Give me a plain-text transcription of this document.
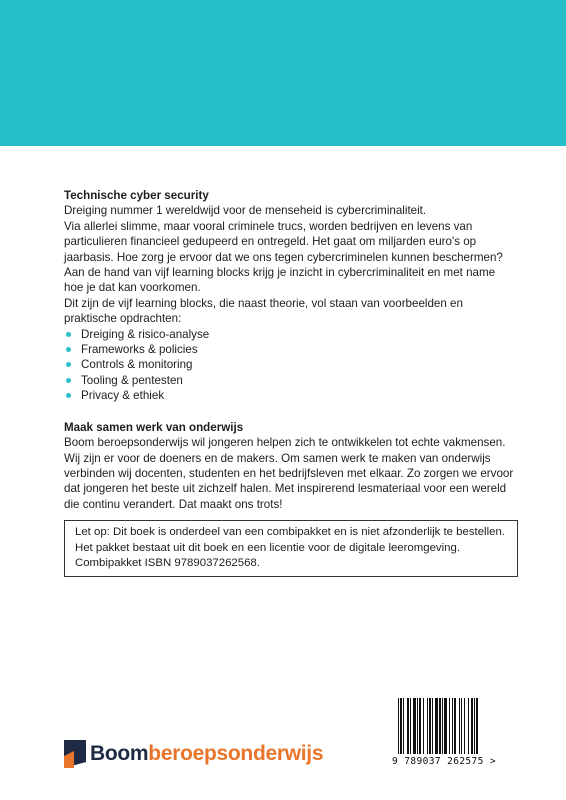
Technische cyber security
Dreiging nummer 1 wereldwijd voor de menseheid is cybercriminaliteit.
Via allerlei slimme, maar vooral criminele trucs, worden bedrijven en levens van
particulieren financieel gedupeerd en ontregeld. Het gaat om miljarden euro's op
jaarbasis. Hoe zorg je ervoor dat we ons tegen cybercriminelen kunnen beschermen?
Aan de hand van vijf learning blocks krijg je inzicht in cybercriminaliteit en met name
hoe je dat kan voorkomen.
Dit zijn de vijf learning blocks, die naast theorie, vol staan van voorbeelden en
praktische opdrachten:
Dreiging & risico-analyse
Frameworks & policies
Controls & monitoring
Tooling & pentesten
Privacy & ethiek
Maak samen werk van onderwijs
Boom beroepsonderwijs wil jongeren helpen zich te ontwikkelen tot echte vakmensen.
Wij zijn er voor de doeners en de makers. Om samen werk te maken van onderwijs
verbinden wij docenten, studenten en het bedrijfsleven met elkaar. Zo zorgen we ervoor
dat jongeren het beste uit zichzelf halen. Met inspirerend lesmateriaal voor een wereld
die continu verandert. Dat maakt ons trots!
Let op: Dit boek is onderdeel van een combipakket en is niet afzonderlijk te bestellen.
Het pakket bestaat uit dit boek en een licentie voor de digitale leeromgeving.
Combipakket ISBN 9789037262568.
Boom beroepsonderwijs	9 789037 262575 >
